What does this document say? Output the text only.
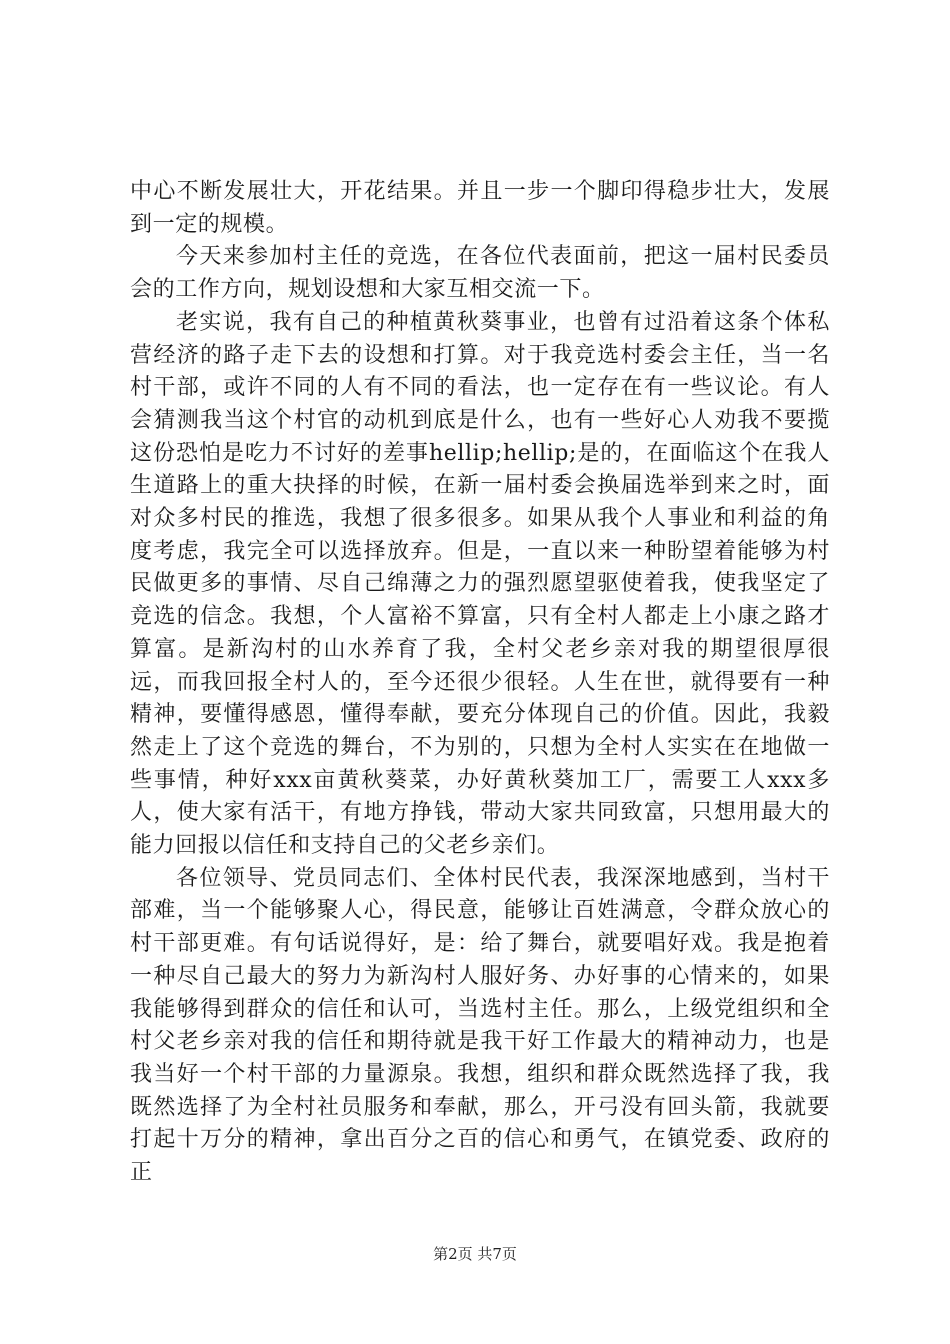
中心不断发展壮大，开花结果。并且一步一个脚印得稳步壮大，发展到一定的规模。

今天来参加村主任的竞选，在各位代表面前，把这一届村民委员会的工作方向，规划设想和大家互相交流一下。

老实说，我有自己的种植黄秋葵事业，也曾有过沿着这条个体私营经济的路子走下去的设想和打算。对于我竞选村委会主任，当一名村干部，或许不同的人有不同的看法，也一定存在有一些议论。有人会猜测我当这个村官的动机到底是什么，也有一些好心人劝我不要揽这份恐怕是吃力不讨好的差事hellip;hellip;是的，在面临这个在我人生道路上的重大抉择的时候，在新一届村委会换届选举到来之时，面对众多村民的推选，我想了很多很多。如果从我个人事业和利益的角度考虑，我完全可以选择放弃。但是，一直以来一种盼望着能够为村民做更多的事情、尽自己绵薄之力的强烈愿望驱使着我，使我坚定了竞选的信念。我想，个人富裕不算富，只有全村人都走上小康之路才算富。是新沟村的山水养育了我，全村父老乡亲对我的期望很厚很远，而我回报全村人的，至今还很少很轻。人生在世，就得要有一种精神，要懂得感恩，懂得奉献，要充分体现自己的价值。因此，我毅然走上了这个竞选的舞台，不为别的，只想为全村人实实在在地做一些事情，种好xxx亩黄秋葵菜，办好黄秋葵加工厂，需要工人xxx多人，使大家有活干，有地方挣钱，带动大家共同致富，只想用最大的能力回报以信任和支持自己的父老乡亲们。

各位领导、党员同志们、全体村民代表，我深深地感到，当村干部难，当一个能够聚人心，得民意，能够让百姓满意，令群众放心的村干部更难。有句话说得好，是：给了舞台，就要唱好戏。我是抱着一种尽自己最大的努力为新沟村人服好务、办好事的心情来的，如果我能够得到群众的信任和认可，当选村主任。那么，上级党组织和全村父老乡亲对我的信任和期待就是我干好工作最大的精神动力，也是我当好一个村干部的力量源泉。我想，组织和群众既然选择了我，我既然选择了为全村社员服务和奉献，那么，开弓没有回头箭，我就要打起十万分的精神，拿出百分之百的信心和勇气，在镇党委、政府的正

第2页 共7页
